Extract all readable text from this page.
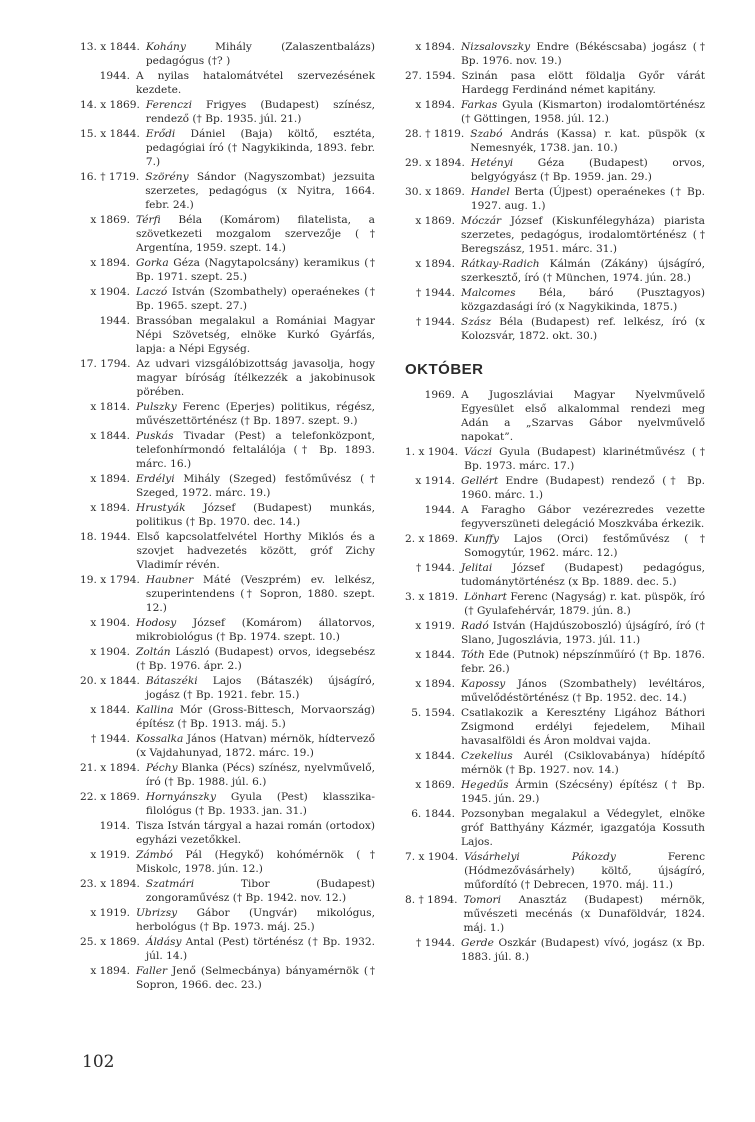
13. x 1844. Kohány Mihály (Zalaszentbalázs) pedagógus (†? )
1944. A nyilas hatalomátvétel szervezésének kezdete.
14. x 1869. Ferenczi Frigyes (Budapest) színész, rendező († Bp. 1935. júl. 21.)
15. x 1844. Erődi Dániel (Baja) költő, esztéta, pedagógiai író († Nagykikinda, 1893. febr. 7.)
16. † 1719. Szörény Sándor (Nagyszombat) jezsuita szerzetes, pedagógus (x Nyitra, 1664. febr. 24.)
x 1869. Térfi Béla (Komárom) filatelista, a szövetkezeti mozgalom szervezője († Argentína, 1959. szept. 14.)
x 1894. Gorka Géza (Nagytapolcsány) keramikus († Bp. 1971. szept. 25.)
x 1904. Laczó István (Szombathely) operaénekes († Bp. 1965. szept. 27.)
1944. Brassóban megalakul a Romániai Magyar Népi Szövetség, elnöke Kurkó Gyárfás, lapja: a Népi Egység.
17. 1794. Az udvari vizsgálóbizottság javasolja, hogy magyar bíróság ítélkezzék a jakobinusok pörében.
x 1814. Pulszky Ferenc (Eperjes) politikus, régész, művészettörténész († Bp. 1897. szept. 9.)
x 1844. Puskás Tivadar (Pest) a telefonközpont, telefonhírmondó feltalálója († Bp. 1893. márc. 16.)
x 1894. Erdélyi Mihály (Szeged) festőművész († Szeged, 1972. márc. 19.)
x 1894. Hrustyák József (Budapest) munkás, politikus († Bp. 1970. dec. 14.)
18. 1944. Első kapcsolatfelvétel Horthy Miklós és a szovjet hadvezetés között, gróf Zichy Vladimír révén.
19. x 1794. Haubner Máté (Veszprém) ev. lelkész, szuperintendens († Sopron, 1880. szept. 12.)
x 1904. Hodosy József (Komárom) állatorvos, mikrobiológus († Bp. 1974. szept. 10.)
x 1904. Zoltán László (Budapest) orvos, idegsebész († Bp. 1976. ápr. 2.)
20. x 1844. Bátaszéki Lajos (Bátaszék) újságíró, jogász († Bp. 1921. febr. 15.)
x 1844. Kallina Mór (Gross-Bittesch, Morvaország) építész († Bp. 1913. máj. 5.)
† 1944. Kossalka János (Hatvan) mérnök, hídtervező (x Vajdahunyad, 1872. márc. 19.)
21. x 1894. Péchy Blanka (Pécs) színész, nyelvművelő, író († Bp. 1988. júl. 6.)
22. x 1869. Hornyánszky Gyula (Pest) klasszika-filológus († Bp. 1933. jan. 31.)
1914. Tisza István tárgyal a hazai román (ortodox) egyházi vezetőkkel.
x 1919. Zámbó Pál (Hegykő) kohómérnök († Miskolc, 1978. jún. 12.)
23. x 1894. Szatmári Tibor (Budapest) zongoraművész († Bp. 1942. nov. 12.)
x 1919. Ubrizsy Gábor (Ungvár) mikológus, herbológus († Bp. 1973. máj. 25.)
25. x 1869. Áldásy Antal (Pest) történész († Bp. 1932. júl. 14.)
x 1894. Faller Jenő (Selmecbánya) bányamérnök († Sopron, 1966. dec. 23.)
x 1894. Nizsalovszky Endre (Békéscsaba) jogász († Bp. 1976. nov. 19.)
27. 1594. Szinán pasa elött földalja Győr várát Hardegg Ferdinánd német kapitány.
x 1894. Farkas Gyula (Kismarton) irodalomtörténész († Göttingen, 1958. júl. 12.)
28. † 1819. Szabó András (Kassa) r. kat. püspök (x Nemesnyék, 1738. jan. 10.)
29. x 1894. Hetényi Géza (Budapest) orvos, belgyógyász († Bp. 1959. jan. 29.)
30. x 1869. Handel Berta (Újpest) operaénekes († Bp. 1927. aug. 1.)
x 1869. Móczár József (Kiskunfélegyháza) piarista szerzetes, pedagógus, irodalomtörténész († Beregszász, 1951. márc. 31.)
x 1894. Rátkay-Radich Kálmán (Zákány) újságíró, szerkesztő, író († München, 1974. jún. 28.)
† 1944. Malcomes Béla, báró (Pusztagyos) közgazdasági író (x Nagykikinda, 1875.)
† 1944. Szász Béla (Budapest) ref. lelkész, író (x Kolozsvár, 1872. okt. 30.)
OKTÓBER
1969. A Jugoszláviai Magyar Nyelvművelő Egyesület első alkalommal rendezi meg Adán a „Szarvas Gábor nyelvművelő napokat”.
1. x 1904. Váczi Gyula (Budapest) klarinétművész († Bp. 1973. márc. 17.)
x 1914. Gellért Endre (Budapest) rendező († Bp. 1960. márc. 1.)
1944. A Faragho Gábor vezérezredes vezette fegyverszüneti delegáció Moszkvába érkezik.
2. x 1869. Kunffy Lajos (Orci) festőművész († Somogytúr, 1962. márc. 12.)
† 1944. Jelitai József (Budapest) pedagógus, tudománytörténész (x Bp. 1889. dec. 5.)
3. x 1819. Lönhart Ferenc (Nagyság) r. kat. püspök, író († Gyulafehérvár, 1879. jún. 8.)
x 1919. Radó István (Hajdúszoboszló) újságíró, író († Slano, Jugoszlávia, 1973. júl. 11.)
x 1844. Tóth Ede (Putnok) népszínműíró († Bp. 1876. febr. 26.)
x 1894. Kapossy János (Szombathely) levéltáros, művelődéstörténész († Bp. 1952. dec. 14.)
5. 1594. Csatlakozik a Keresztény Ligához Báthori Zsigmond erdélyi fejedelem, Mihail havasalföldi és Áron moldvai vajda.
x 1844. Czekelius Aurél (Csiklovabánya) hídépítő mérnök († Bp. 1927. nov. 14.)
x 1869. Hegedűs Ármin (Szécsény) építész († Bp. 1945. jún. 29.)
6. 1844. Pozsonyban megalakul a Védegylet, elnöke gróf Batthyány Kázmér, igazgatója Kossuth Lajos.
7. x 1904. Vásárhelyi Pákozdy Ferenc (Hódmezővásárhely) költő, újságíró, műfordító († Debrecen, 1970. máj. 11.)
8. † 1894. Tomori Anasztáz (Budapest) mérnök, művészeti mecénás (x Dunaföldvár, 1824. máj. 1.)
† 1944. Gerde Oszkár (Budapest) vívó, jogász (x Bp. 1883. júl. 8.)
102
